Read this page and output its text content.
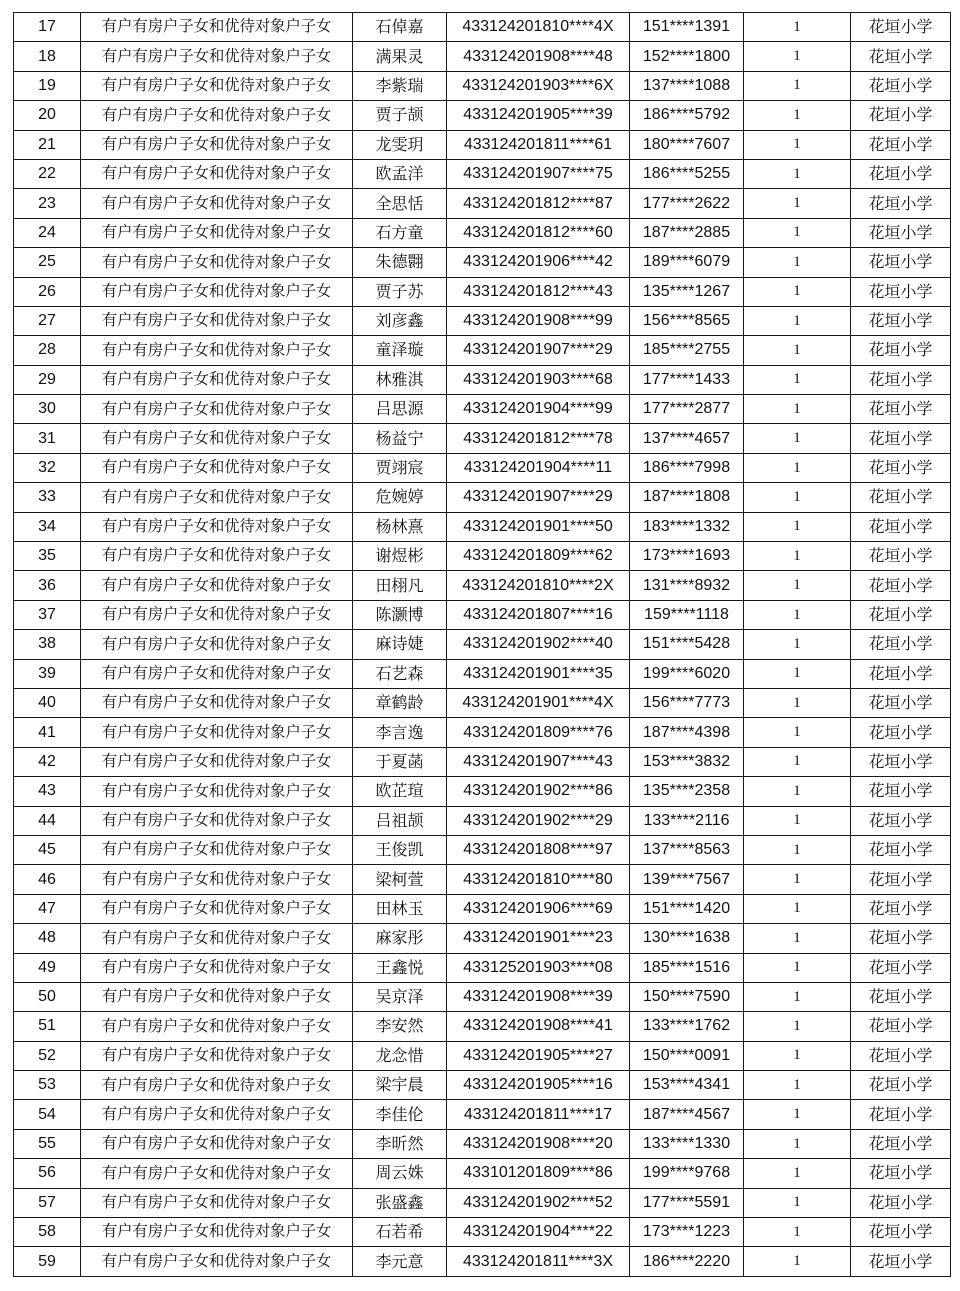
17	有户有房户子女和优待对象户子女	石倬嘉	433124201810****4X	151****1391	1	花垣小学
18	有户有房户子女和优待对象户子女	满果灵	433124201908****48	152****1800	1	花垣小学
19	有户有房户子女和优待对象户子女	李紫瑞	433124201903****6X	137****1088	1	花垣小学
20	有户有房户子女和优待对象户子女	贾子颉	433124201905****39	186****5792	1	花垣小学
21	有户有房户子女和优待对象户子女	龙雯玥	433124201811****61	180****7607	1	花垣小学
22	有户有房户子女和优待对象户子女	欧孟洋	433124201907****75	186****5255	1	花垣小学
23	有户有房户子女和优待对象户子女	全思恬	433124201812****87	177****2622	1	花垣小学
24	有户有房户子女和优待对象户子女	石方童	433124201812****60	187****2885	1	花垣小学
25	有户有房户子女和优待对象户子女	朱德翾	433124201906****42	189****6079	1	花垣小学
26	有户有房户子女和优待对象户子女	贾子苏	433124201812****43	135****1267	1	花垣小学
27	有户有房户子女和优待对象户子女	刘彦鑫	433124201908****99	156****8565	1	花垣小学
28	有户有房户子女和优待对象户子女	童泽璇	433124201907****29	185****2755	1	花垣小学
29	有户有房户子女和优待对象户子女	林雅淇	433124201903****68	177****1433	1	花垣小学
30	有户有房户子女和优待对象户子女	吕思源	433124201904****99	177****2877	1	花垣小学
31	有户有房户子女和优待对象户子女	杨益宁	433124201812****78	137****4657	1	花垣小学
32	有户有房户子女和优待对象户子女	贾翊宸	433124201904****11	186****7998	1	花垣小学
33	有户有房户子女和优待对象户子女	危婉婷	433124201907****29	187****1808	1	花垣小学
34	有户有房户子女和优待对象户子女	杨林熹	433124201901****50	183****1332	1	花垣小学
35	有户有房户子女和优待对象户子女	谢煜彬	433124201809****62	173****1693	1	花垣小学
36	有户有房户子女和优待对象户子女	田栩凡	433124201810****2X	131****8932	1	花垣小学
37	有户有房户子女和优待对象户子女	陈灏博	433124201807****16	159****1118	1	花垣小学
38	有户有房户子女和优待对象户子女	麻诗婕	433124201902****40	151****5428	1	花垣小学
39	有户有房户子女和优待对象户子女	石艺森	433124201901****35	199****6020	1	花垣小学
40	有户有房户子女和优待对象户子女	章鹤龄	433124201901****4X	156****7773	1	花垣小学
41	有户有房户子女和优待对象户子女	李言逸	433124201809****76	187****4398	1	花垣小学
42	有户有房户子女和优待对象户子女	于夏菡	433124201907****43	153****3832	1	花垣小学
43	有户有房户子女和优待对象户子女	欧芷瑄	433124201902****86	135****2358	1	花垣小学
44	有户有房户子女和优待对象户子女	吕祖颉	433124201902****29	133****2116	1	花垣小学
45	有户有房户子女和优待对象户子女	王俊凯	433124201808****97	137****8563	1	花垣小学
46	有户有房户子女和优待对象户子女	梁柯萱	433124201810****80	139****7567	1	花垣小学
47	有户有房户子女和优待对象户子女	田林玉	433124201906****69	151****1420	1	花垣小学
48	有户有房户子女和优待对象户子女	麻家彤	433124201901****23	130****1638	1	花垣小学
49	有户有房户子女和优待对象户子女	王鑫悦	433125201903****08	185****1516	1	花垣小学
50	有户有房户子女和优待对象户子女	吴京泽	433124201908****39	150****7590	1	花垣小学
51	有户有房户子女和优待对象户子女	李安然	433124201908****41	133****1762	1	花垣小学
52	有户有房户子女和优待对象户子女	龙念惜	433124201905****27	150****0091	1	花垣小学
53	有户有房户子女和优待对象户子女	梁宇晨	433124201905****16	153****4341	1	花垣小学
54	有户有房户子女和优待对象户子女	李佳伦	433124201811****17	187****4567	1	花垣小学
55	有户有房户子女和优待对象户子女	李昕然	433124201908****20	133****1330	1	花垣小学
56	有户有房户子女和优待对象户子女	周云姝	433101201809****86	199****9768	1	花垣小学
57	有户有房户子女和优待对象户子女	张盛鑫	433124201902****52	177****5591	1	花垣小学
58	有户有房户子女和优待对象户子女	石若希	433124201904****22	173****1223	1	花垣小学
59	有户有房户子女和优待对象户子女	李元意	433124201811****3X	186****2220	1	花垣小学
